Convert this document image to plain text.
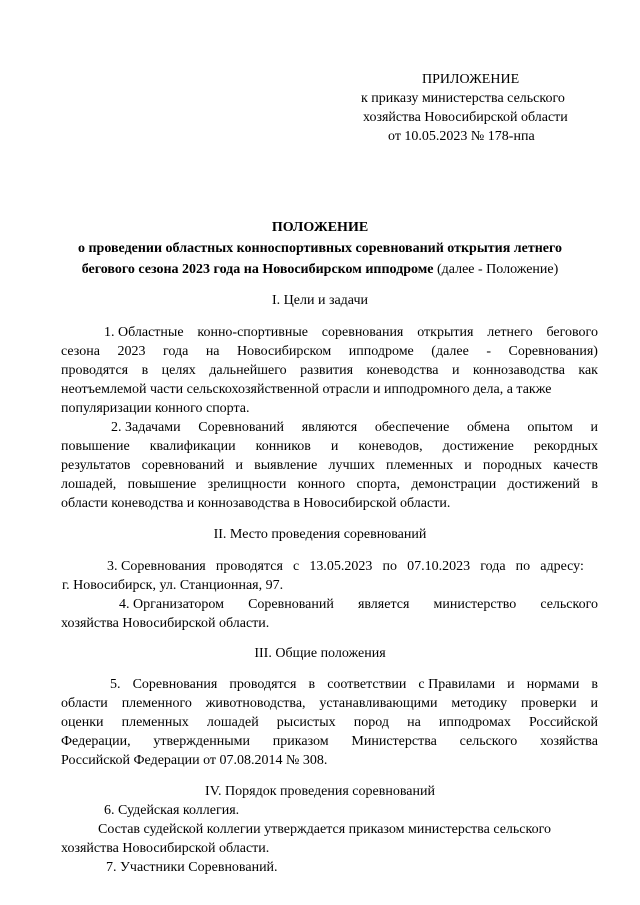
ПРИЛОЖЕНИЕ
к приказу министерства сельского
хозяйства Новосибирской области
от 10.05.2023 № 178-нпа
ПОЛОЖЕНИЕ
о проведении областных конноспортивных соревнований открытия летнего
бегового сезона 2023 года на Новосибирском ипподроме (далее - Положение)
I. Цели и задачи
1. Областные конно-спортивные соревнования открытия летнего бегового
сезона 2023 года на Новосибирском ипподроме (далее - Соревнования)
проводятся в целях дальнейшего развития коневодства и коннозаводства как
неотъемлемой части сельскохозяйственной отрасли и ипподромного дела, а также
популяризации конного спорта.
2. Задачами Соревнований являются обеспечение обмена опытом и
повышение квалификации конников и коневодов, достижение рекордных
результатов соревнований и выявление лучших племенных и породных качеств
лошадей, повышение зрелищности конного спорта, демонстрации достижений в
области коневодства и коннозаводства в Новосибирской области.
II. Место проведения соревнований
3. Соревнования проводятся с 13.05.2023 по 07.10.2023 года по адресу:
г. Новосибирск, ул. Станционная, 97.
4. Организатором Соревнований является министерство сельского
хозяйства Новосибирской области.
III. Общие положения
5. Соревнования проводятся в соответствии с Правилами и нормами в
области племенного животноводства, устанавливающими методику проверки и
оценки племенных лошадей рысистых пород на ипподромах Российской
Федерации, утвержденными приказом Министерства сельского хозяйства
Российской Федерации от 07.08.2014 № 308.
IV. Порядок проведения соревнований
6. Судейская коллегия.
Состав судейской коллегии утверждается приказом министерства сельского
хозяйства Новосибирской области.
7. Участники Соревнований.
